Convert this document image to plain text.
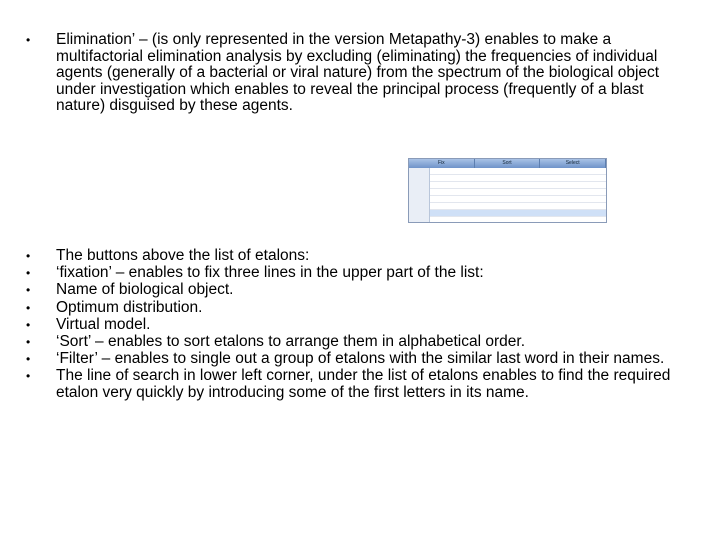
•	Elimination’ – (is only represented in the version Metapathy-3) enables to make a multifactorial elimination analysis by excluding (eliminating) the frequencies of individual agents (generally of a bacterial or viral nature) from the spectrum of the biological object under investigation which enables to reveal the principal process (frequently of a blast nature) disguised by these agents.
Fix	Sort	Select
•	The buttons above the list of etalons:
•	‘fixation’ – enables to fix three lines in the upper part of the list:
•	Name of biological object.
•	Optimum distribution.
•	Virtual model.
•	‘Sort’ – enables to sort etalons to arrange them in alphabetical order.
•	‘Filter’ – enables to single out a group of etalons with the similar last word in their names.
•	The line of search in lower left corner, under the list of etalons enables to find the required etalon very quickly by introducing some of the first letters in its name.
